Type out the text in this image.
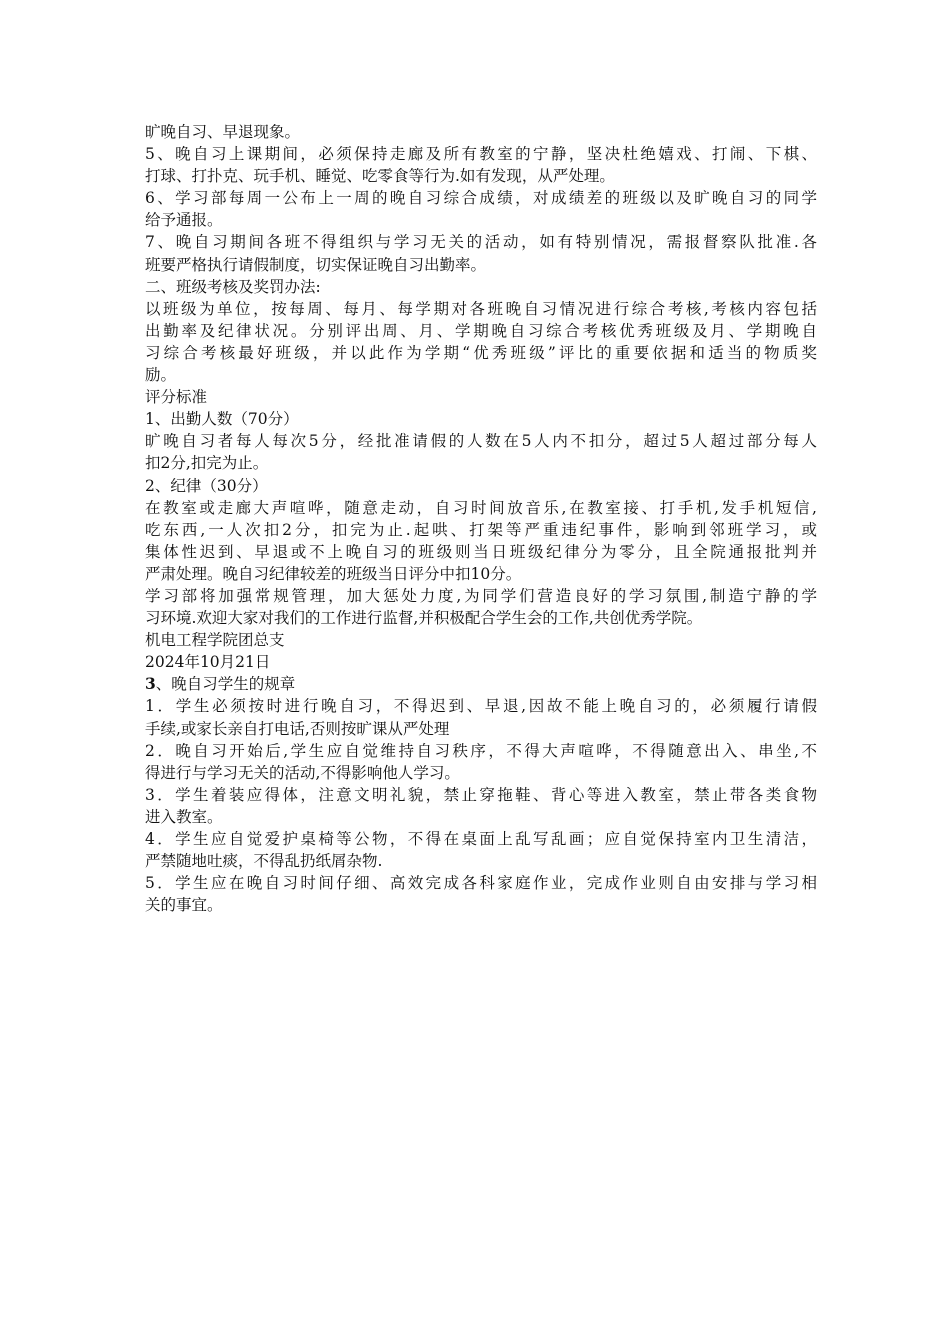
旷晚自习、早退现象。
5、晚自习上课期间，必须保持走廊及所有教室的宁静，坚决杜绝嬉戏、打闹、下棋、
打球、打扑克、玩手机、睡觉、吃零食等行为.如有发现，从严处理。
6、学习部每周一公布上一周的晚自习综合成绩，对成绩差的班级以及旷晚自习的同学
给予通报。
7、晚自习期间各班不得组织与学习无关的活动，如有特别情况，需报督察队批准.各
班要严格执行请假制度，切实保证晚自习出勤率。
二、班级考核及奖罚办法:
以班级为单位，按每周、每月、每学期对各班晚自习情况进行综合考核,考核内容包括
出勤率及纪律状况。分别评出周、月、学期晚自习综合考核优秀班级及月、学期晚自
习综合考核最好班级，并以此作为学期“优秀班级”评比的重要依据和适当的物质奖
励。
评分标准
1、出勤人数（70分）
旷晚自习者每人每次5分，经批准请假的人数在5人内不扣分，超过5人超过部分每人
扣2分,扣完为止。
2、纪律（30分）
在教室或走廊大声喧哗，随意走动，自习时间放音乐,在教室接、打手机,发手机短信,
吃东西,一人次扣2分，扣完为止.起哄、打架等严重违纪事件，影响到邻班学习，或
集体性迟到、早退或不上晚自习的班级则当日班级纪律分为零分，且全院通报批判并
严肃处理。晚自习纪律较差的班级当日评分中扣10分。
学习部将加强常规管理，加大惩处力度,为同学们营造良好的学习氛围,制造宁静的学
习环境.欢迎大家对我们的工作进行监督,并积极配合学生会的工作,共创优秀学院。
机电工程学院团总支
2024年10月21日
3、晚自习学生的规章
1．学生必须按时进行晚自习，不得迟到、早退,因故不能上晚自习的，必须履行请假
手续,或家长亲自打电话,否则按旷课从严处理
2．晚自习开始后,学生应自觉维持自习秩序，不得大声喧哗，不得随意出入、串坐,不
得进行与学习无关的活动,不得影响他人学习。
3．学生着装应得体，注意文明礼貌，禁止穿拖鞋、背心等进入教室，禁止带各类食物
进入教室。
4．学生应自觉爱护桌椅等公物，不得在桌面上乱写乱画；应自觉保持室内卫生清洁，
严禁随地吐痰，不得乱扔纸屑杂物.
5．学生应在晚自习时间仔细、高效完成各科家庭作业，完成作业则自由安排与学习相
关的事宜。
